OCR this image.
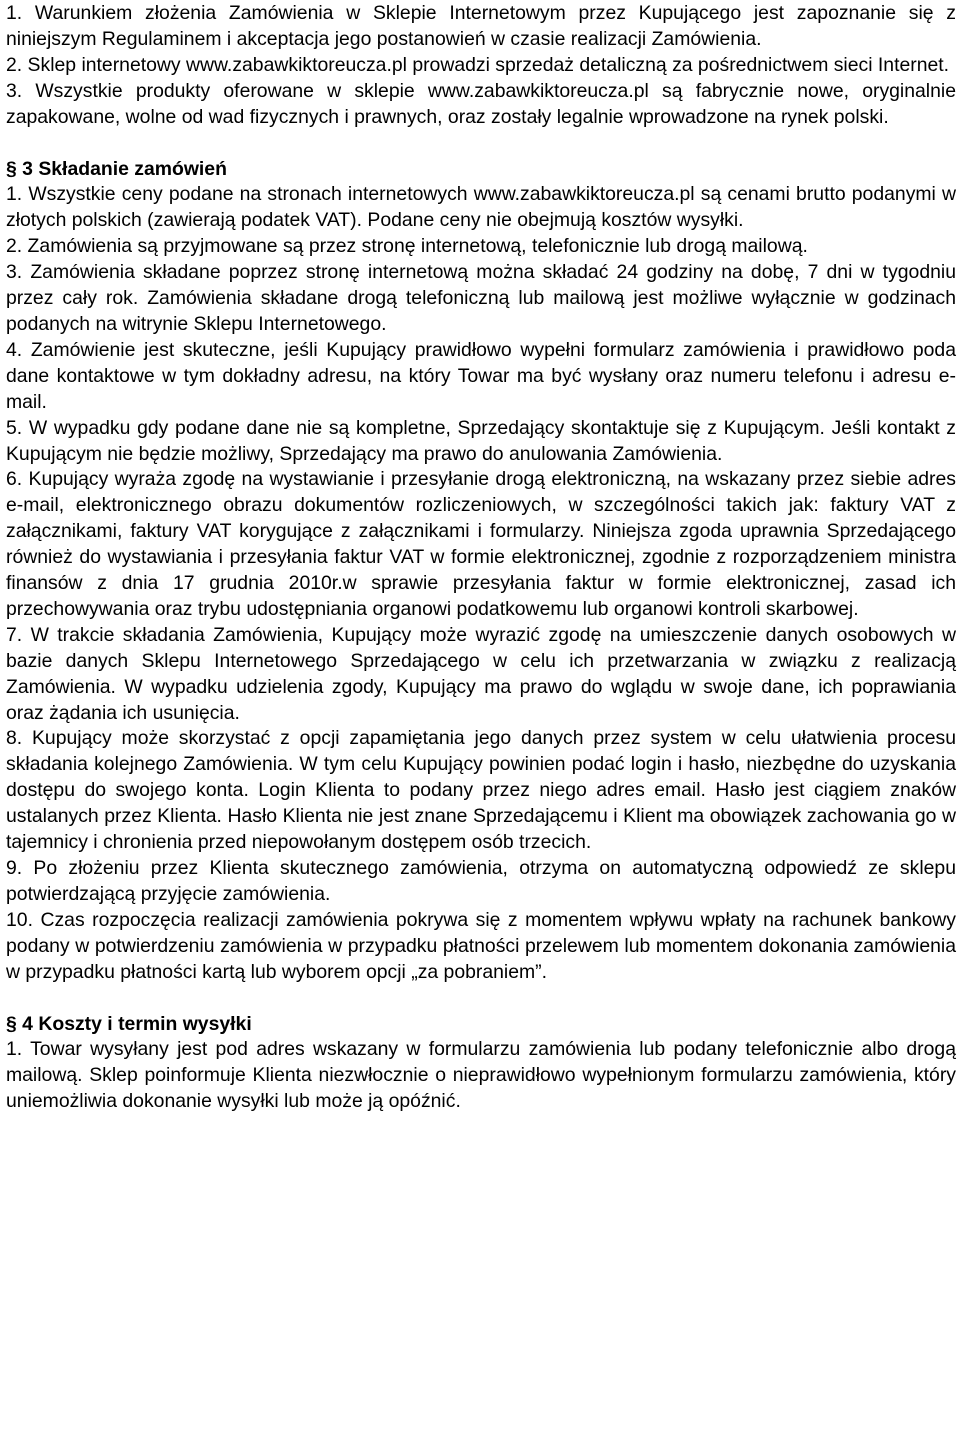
1. Warunkiem złożenia Zamówienia w Sklepie Internetowym przez Kupującego jest zapoznanie się z niniejszym Regulaminem i akceptacja jego postanowień w czasie realizacji Zamówienia.

2. Sklep internetowy www.zabawkiktoreucza.pl prowadzi sprzedaż detaliczną za pośrednictwem sieci Internet.

3. Wszystkie produkty oferowane w sklepie www.zabawkiktoreucza.pl są fabrycznie nowe, oryginalnie zapakowane, wolne od wad fizycznych i prawnych, oraz zostały legalnie wprowadzone na rynek polski.

§ 3 Składanie zamówień

1. Wszystkie ceny podane na stronach internetowych www.zabawkiktoreucza.pl są cenami brutto podanymi w złotych polskich (zawierają podatek VAT). Podane ceny nie obejmują kosztów wysyłki.

2. Zamówienia są przyjmowane są przez stronę internetową, telefonicznie lub drogą mailową.

3. Zamówienia składane poprzez stronę internetową można składać 24 godziny na dobę, 7 dni w tygodniu przez cały rok. Zamówienia składane drogą telefoniczną lub mailową jest możliwe wyłącznie w godzinach podanych na witrynie Sklepu Internetowego.

4. Zamówienie jest skuteczne, jeśli Kupujący prawidłowo wypełni formularz zamówienia i prawidłowo poda dane kontaktowe w tym dokładny adresu, na który Towar ma być wysłany oraz numeru telefonu i adresu e-mail.

5. W wypadku gdy podane dane nie są kompletne, Sprzedający skontaktuje się z Kupującym. Jeśli kontakt z Kupującym nie będzie możliwy, Sprzedający ma prawo do anulowania Zamówienia.

6. Kupujący wyraża zgodę na wystawianie i przesyłanie drogą elektroniczną, na wskazany przez siebie adres e-mail, elektronicznego obrazu dokumentów rozliczeniowych, w szczególności takich jak: faktury VAT z załącznikami, faktury VAT korygujące z załącznikami i formularzy. Niniejsza zgoda uprawnia Sprzedającego również do wystawiania i przesyłania faktur VAT w formie elektronicznej, zgodnie z rozporządzeniem ministra finansów z dnia 17 grudnia 2010r.w sprawie przesyłania faktur w formie elektronicznej, zasad ich przechowywania oraz trybu udostępniania organowi podatkowemu lub organowi kontroli skarbowej.

7. W trakcie składania Zamówienia, Kupujący może wyrazić zgodę na umieszczenie danych osobowych w bazie danych Sklepu Internetowego Sprzedającego w celu ich przetwarzania w związku z realizacją Zamówienia. W wypadku udzielenia zgody, Kupujący ma prawo do wglądu w swoje dane, ich poprawiania oraz żądania ich usunięcia.

8. Kupujący może skorzystać z opcji zapamiętania jego danych przez system w celu ułatwienia procesu składania kolejnego Zamówienia. W tym celu Kupujący powinien podać login i hasło, niezbędne do uzyskania dostępu do swojego konta. Login Klienta to podany przez niego adres email. Hasło jest ciągiem znaków ustalanych przez Klienta. Hasło Klienta nie jest znane Sprzedającemu i Klient ma obowiązek zachowania go w tajemnicy i chronienia przed niepowołanym dostępem osób trzecich.

9. Po złożeniu przez Klienta skutecznego zamówienia, otrzyma on automatyczną odpowiedź ze sklepu potwierdzającą przyjęcie zamówienia.

10. Czas rozpoczęcia realizacji zamówienia pokrywa się z momentem wpływu wpłaty na rachunek bankowy podany w potwierdzeniu zamówienia w przypadku płatności przelewem lub momentem dokonania zamówienia w przypadku płatności kartą lub wyborem opcji „za pobraniem”.

§ 4 Koszty i termin wysyłki

1. Towar wysyłany jest pod adres wskazany w formularzu zamówienia lub podany telefonicznie albo drogą mailową. Sklep poinformuje Klienta niezwłocznie o nieprawidłowo wypełnionym formularzu zamówienia, który uniemożliwia dokonanie wysyłki lub może ją opóźnić.
